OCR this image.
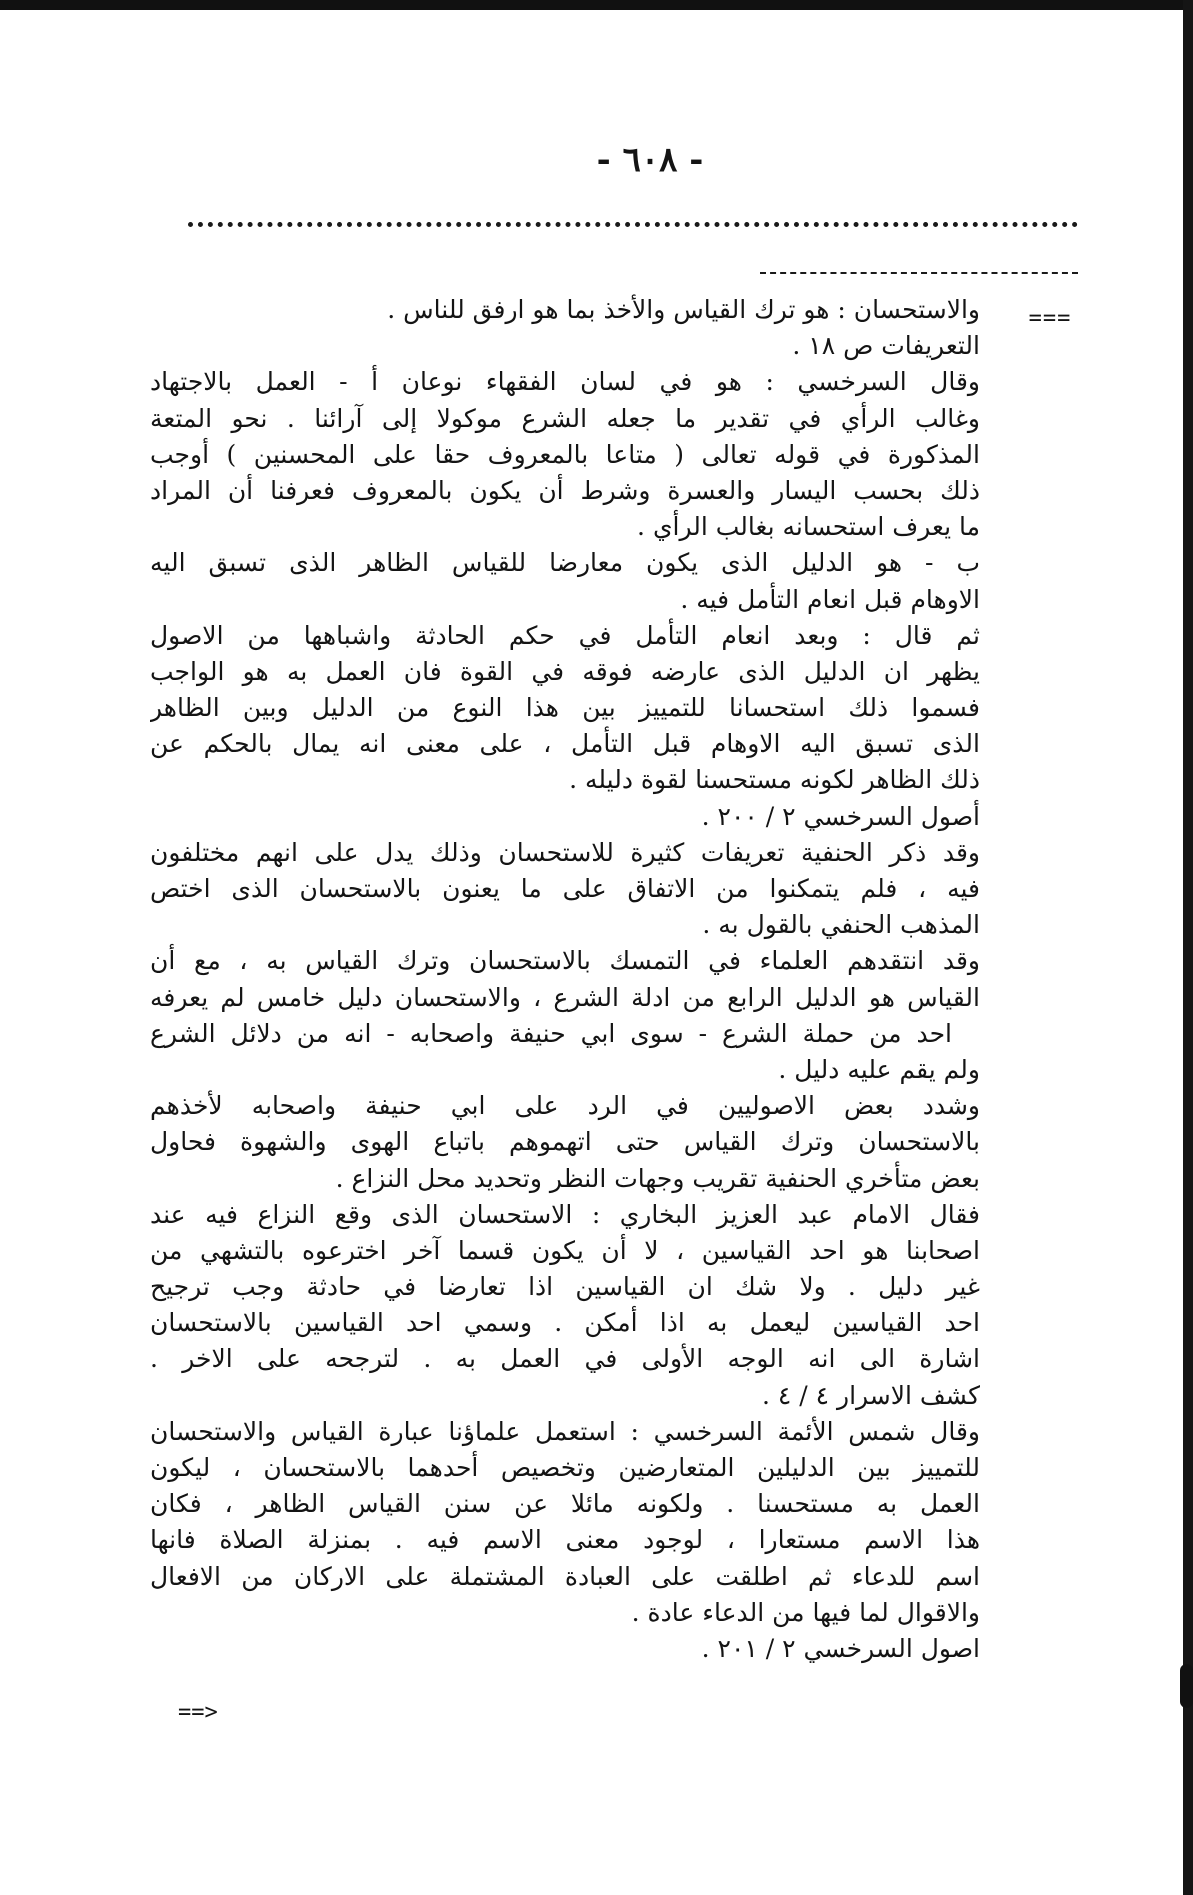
- ٦٠٨ -
===
==>
والاستحسان : هو ترك القياس والأخذ بما هو ارفق للناس .
التعريفات ص ١٨ .
وقال السرخسي : هو في لسان الفقهاء نوعان أ - العمل بالاجتهاد
وغالب الرأي في تقدير ما جعله الشرع موكولا إلى آرائنا . نحو المتعة
المذكورة في قوله تعالى ( متاعا بالمعروف حقا على المحسنين ) أوجب
ذلك بحسب اليسار والعسرة وشرط أن يكون بالمعروف فعرفنا أن المراد
ما يعرف استحسانه بغالب الرأي .
ب - هو الدليل الذى يكون معارضا للقياس الظاهر الذى تسبق اليه
الاوهام قبل انعام التأمل فيه .
ثم قال : وبعد انعام التأمل في حكم الحادثة واشباهها من الاصول
يظهر ان الدليل الذى عارضه فوقه في القوة فان العمل به هو الواجب
فسموا ذلك استحسانا للتمييز بين هذا النوع من الدليل وبين الظاهر
الذى تسبق اليه الاوهام قبل التأمل ، على معنى انه يمال بالحكم عن
ذلك الظاهر لكونه مستحسنا لقوة دليله .
أصول السرخسي ٢ / ٢٠٠ .
وقد ذكر الحنفية تعريفات كثيرة للاستحسان وذلك يدل على انهم مختلفون
فيه ، فلم يتمكنوا من الاتفاق على ما يعنون بالاستحسان الذى اختص
المذهب الحنفي بالقول به .
وقد انتقدهم العلماء في التمسك بالاستحسان وترك القياس به ، مع أن
القياس هو الدليل الرابع من ادلة الشرع ، والاستحسان دليل خامس لم يعرفه
احد من حملة الشرع - سوى ابي حنيفة واصحابه - انه من دلائل الشرع
ولم يقم عليه دليل .
وشدد بعض الاصوليين في الرد على ابي حنيفة واصحابه لأخذهم
بالاستحسان وترك القياس حتى اتهموهم باتباع الهوى والشهوة فحاول
بعض متأخري الحنفية تقريب وجهات النظر وتحديد محل النزاع .
فقال الامام عبد العزيز البخاري : الاستحسان الذى وقع النزاع فيه عند
اصحابنا هو احد القياسين ، لا أن يكون قسما آخر اخترعوه بالتشهي من
غير دليل . ولا شك ان القياسين اذا تعارضا في حادثة وجب ترجيح
احد القياسين ليعمل به اذا أمكن . وسمي احد القياسين بالاستحسان
اشارة الى انه الوجه الأولى في العمل به . لترجحه على الاخر .
كشف الاسرار ٤ / ٤ .
وقال شمس الأئمة السرخسي : استعمل علماؤنا عبارة القياس والاستحسان
للتمييز بين الدليلين المتعارضين وتخصيص أحدهما بالاستحسان ، ليكون
العمل به مستحسنا . ولكونه مائلا عن سنن القياس الظاهر ، فكان
هذا الاسم مستعارا ، لوجود معنى الاسم فيه . بمنزلة الصلاة فانها
اسم للدعاء ثم اطلقت على العبادة المشتملة على الاركان من الافعال
والاقوال لما فيها من الدعاء عادة .
اصول السرخسي ٢ / ٢٠١ .
